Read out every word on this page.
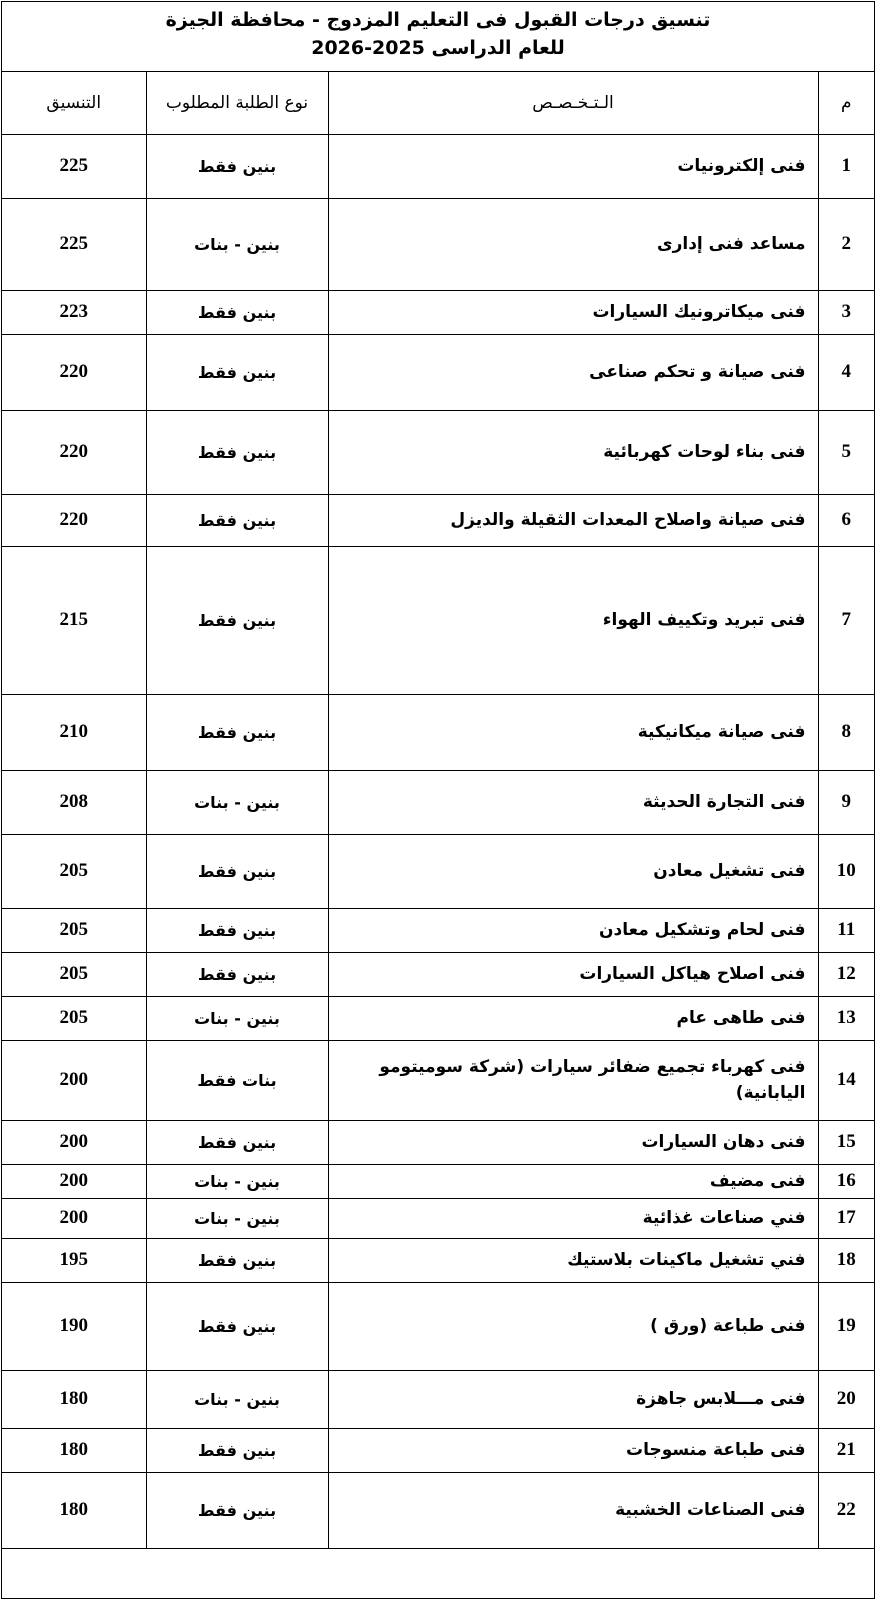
تنسيق درجات القبول فى التعليم المزدوج - محافظة الجيزة
للعام الدراسى 2025-2026
م	الـتـخـصـص	نوع الطلبة المطلوب	التنسيق
1	فنى إلكترونيات	بنين فقط	225
2	مساعد فنى إدارى	بنين - بنات	225
3	فنى ميكاترونيك السيارات	بنين فقط	223
4	فنى صيانة و تحكم صناعى	بنين فقط	220
5	فنى بناء لوحات كهربائية	بنين فقط	220
6	فنى صيانة واصلاح المعدات الثقيلة والديزل	بنين فقط	220
7	فنى تبريد وتكييف الهواء	بنين فقط	215
8	فنى صيانة ميكانيكية	بنين فقط	210
9	فنى التجارة الحديثة	بنين - بنات	208
10	فنى تشغيل معادن	بنين فقط	205
11	فنى لحام وتشكيل معادن	بنين فقط	205
12	فنى اصلاح هياكل السيارات	بنين فقط	205
13	فنى طاهى عام	بنين - بنات	205
14	فنى كهرباء تجميع ضفائر سيارات (شركة سوميتومو اليابانية)	بنات فقط	200
15	فنى دهان السيارات	بنين فقط	200
16	فنى مضيف	بنين - بنات	200
17	فني صناعات غذائية	بنين - بنات	200
18	فني تشغيل ماكينات بلاستيك	بنين فقط	195
19	فنى طباعة (ورق )	بنين فقط	190
20	فنى مـــلابس جاهزة	بنين - بنات	180
21	فنى طباعة منسوجات	بنين فقط	180
22	فنى الصناعات الخشبية	بنين فقط	180
